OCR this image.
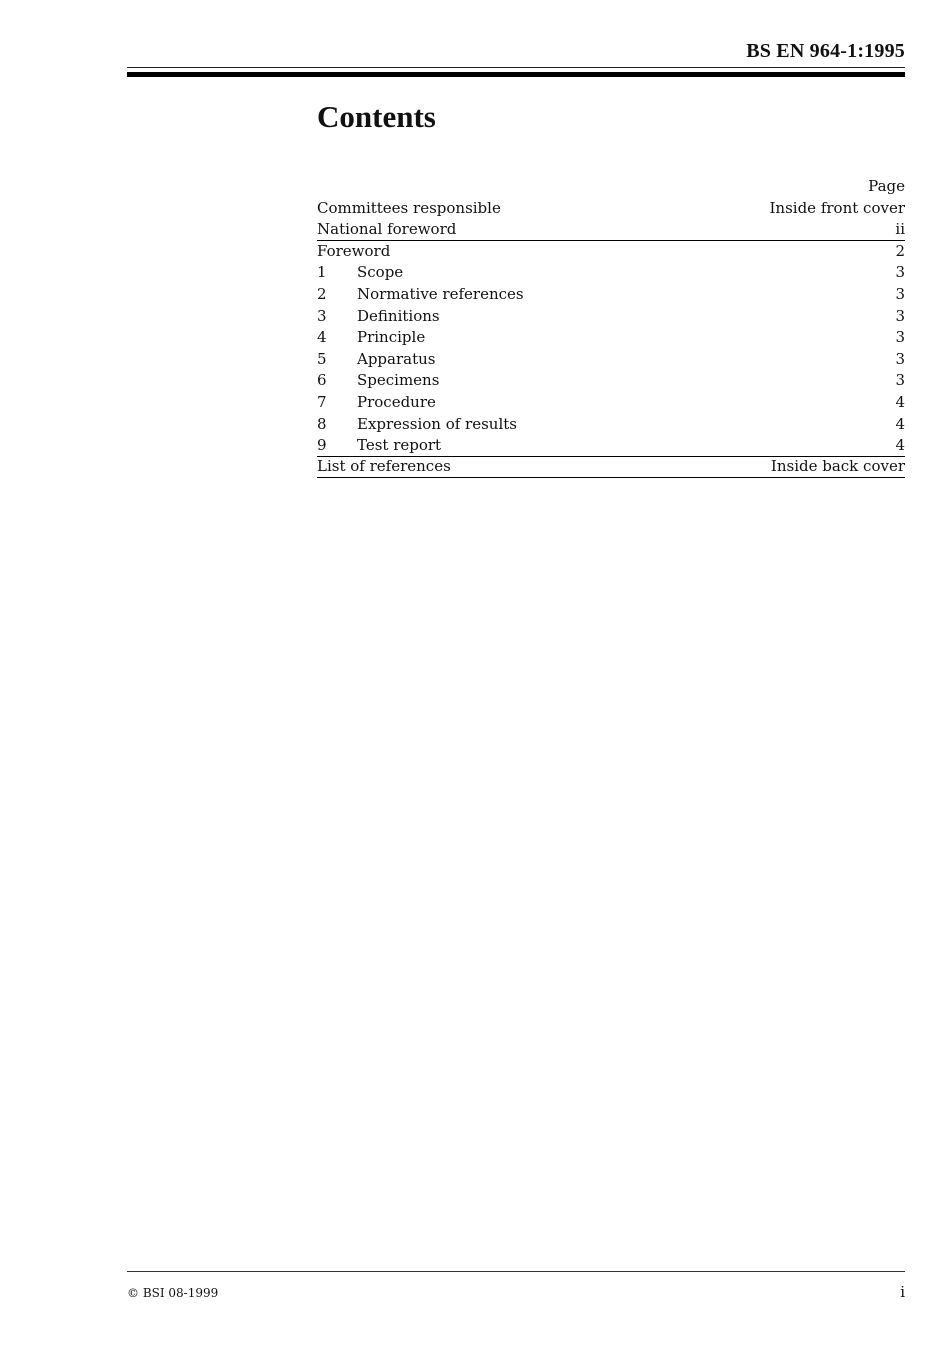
BS EN 964-1:1995
Contents
Page
Committees responsible	Inside front cover
National foreword	ii
Foreword	2
1	Scope	3
2	Normative references	3
3	Definitions	3
4	Principle	3
5	Apparatus	3
6	Specimens	3
7	Procedure	4
8	Expression of results	4
9	Test report	4
List of references	Inside back cover
© BSI 08-1999	i
